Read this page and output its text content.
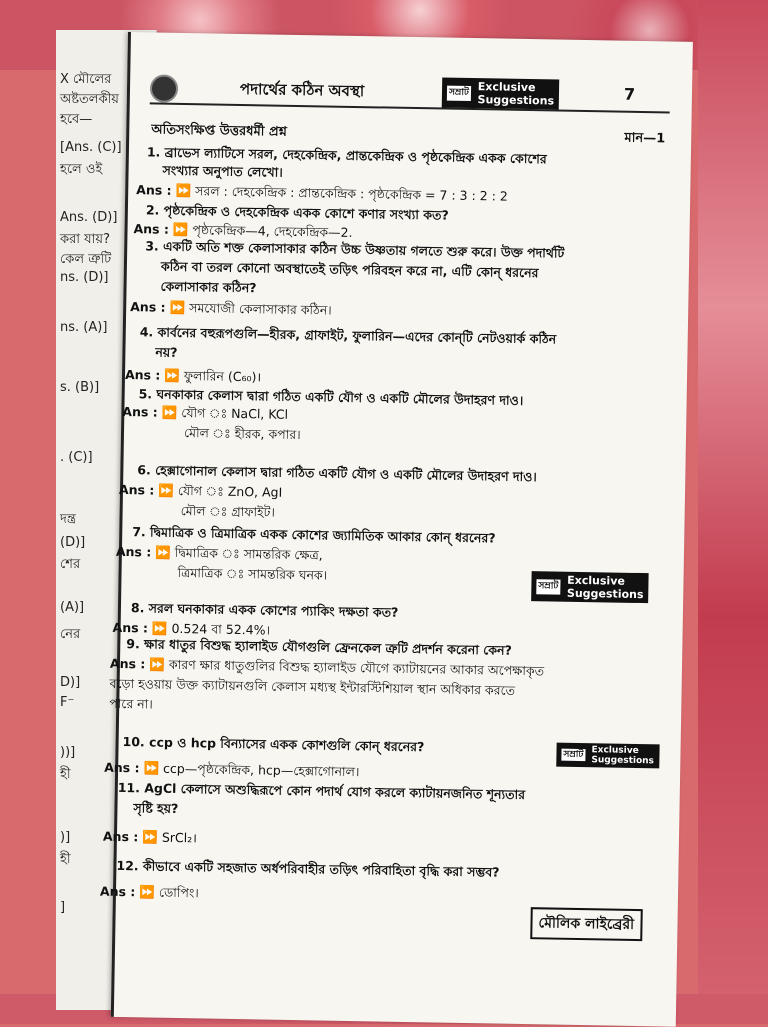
X মৌলের
অষ্টতলকীয়
হবে—
[Ans. (C)]
হলে ওই
Ans. (D)]
করা যায়?
কেল ত্রুটি
ns. (D)]
ns. (A)]
s. (B)]
. (C)]
দন্ত্র
(D)]
শের
(A)]
নের
D)]
F⁻
))]
হী
)]
হী
]
পদার্থের কঠিন অবস্থা	সম্রাট Exclusive
Suggestions	7
অতিসংক্ষিপ্ত উত্তরধর্মী প্রশ্ন	মান—1
1. ব্রাভেস ল্যাটিসে সরল, দেহকেন্দ্রিক, প্রান্তকেন্দ্রিক ও পৃষ্ঠকেন্দ্রিক একক কোশের
সংখ্যার অনুপাত লেখো।
Ans : ⏩ সরল : দেহকেন্দ্রিক : প্রান্তকেন্দ্রিক : পৃষ্ঠকেন্দ্রিক = 7 : 3 : 2 : 2
2. পৃষ্ঠকেন্দ্রিক ও দেহকেন্দ্রিক একক কোশে কণার সংখ্যা কত?
Ans : ⏩ পৃষ্ঠকেন্দ্রিক—4, দেহকেন্দ্রিক—2.
3. একটি অতি শক্ত কেলাসাকার কঠিন উচ্চ উষ্ণতায় গলতে শুরু করে। উক্ত পদার্থটি
কঠিন বা তরল কোনো অবস্থাতেই তড়িৎ পরিবহন করে না, এটি কোন্ ধরনের
কেলাসাকার কঠিন?
Ans : ⏩ সমযোজী কেলাসাকার কঠিন।
4. কার্বনের বহুরূপগুলি—হীরক, গ্রাফাইট, ফুলারিন—এদের কোন্‌টি নেটওয়ার্ক কঠিন
নয়?
Ans : ⏩ ফুলারিন (C₆₀)।
5. ঘনকাকার কেলাস দ্বারা গঠিত একটি যৌগ ও একটি মৌলের উদাহরণ দাও।
Ans : ⏩ যৌগ ঃ NaCl, KCl
মৌল ঃ হীরক, কপার।
6. হেক্সাগোনাল কেলাস দ্বারা গঠিত একটি যৌগ ও একটি মৌলের উদাহরণ দাও।
Ans : ⏩ যৌগ ঃ ZnO, AgI
মৌল ঃ গ্রাফাইট।
7. দ্বিমাত্রিক ও ত্রিমাত্রিক একক কোশের জ্যামিতিক আকার কোন্ ধরনের?
Ans : ⏩ দ্বিমাত্রিক ঃ সামন্তরিক ক্ষেত্র,
ত্রিমাত্রিক ঃ সামন্তরিক ঘনক।
8. সরল ঘনকাকার একক কোশের প্যাকিং দক্ষতা কত?
Ans : ⏩ 0.524 বা 52.4%।
9. ক্ষার ধাতুর বিশুদ্ধ হ্যালাইড যৌগগুলি ফ্রেনকেল ত্রুটি প্রদর্শন করেনা কেন?
Ans : ⏩ কারণ ক্ষার ধাতুগুলির বিশুদ্ধ হ্যালাইড যৌগে ক্যাটায়নের আকার অপেক্ষাকৃত
বড়ো হওয়ায় উক্ত ক্যাটায়নগুলি কেলাস মধ্যস্থ ইন্টারস্টিশিয়াল স্থান অধিকার করতে
পারে না।
10. ccp ও hcp বিন্যাসের একক কোশগুলি কোন্ ধরনের?
Ans : ⏩ ccp—পৃষ্ঠকেন্দ্রিক, hcp—হেক্সাগোনাল।
11. AgCl কেলাসে অশুদ্ধিরূপে কোন পদার্থ যোগ করলে ক্যাটায়নজনিত শূন্যতার
সৃষ্টি হয়?
Ans : ⏩ SrCl₂।
12. কীভাবে একটি সহজাত অর্ধপরিবাহীর তড়িৎ পরিবাহিতা বৃদ্ধি করা সম্ভব?
Ans : ⏩ ডোপিং।
সম্রাট Exclusive
Suggestions
সম্রাট Exclusive
Suggestions
মৌলিক লাইব্রেরী
